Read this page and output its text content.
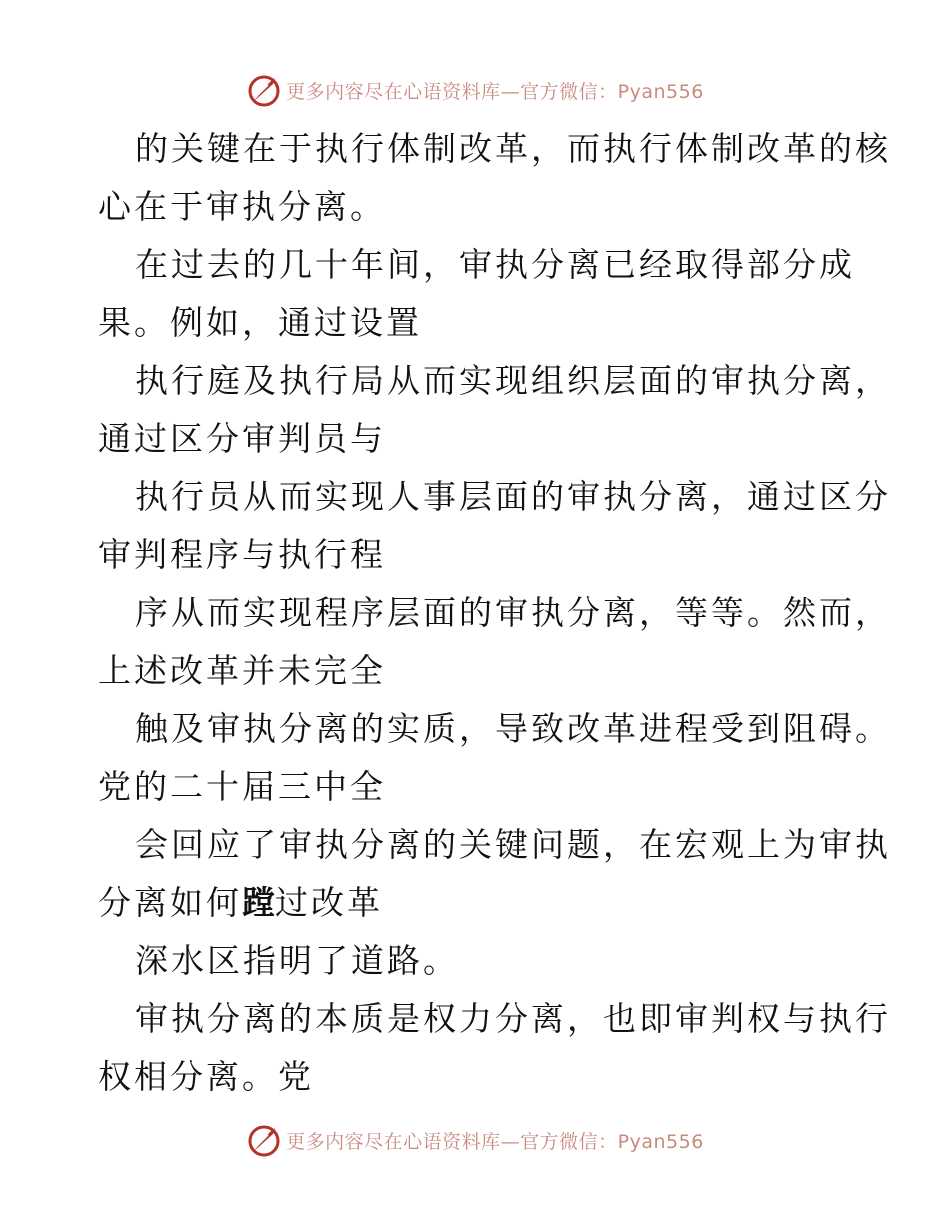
更多内容尽在心语资料库—官方微信：Pyan556
的关键在于执行体制改革，而执行体制改革的核
心在于审执分离。
在过去的几十年间，审执分离已经取得部分成
果。例如，通过设置
执行庭及执行局从而实现组织层面的审执分离，
通过区分审判员与
执行员从而实现人事层面的审执分离，通过区分
审判程序与执行程
序从而实现程序层面的审执分离，等等。然而，
上述改革并未完全
触及审执分离的实质，导致改革进程受到阻碍。
党的二十届三中全
会回应了审执分离的关键问题，在宏观上为审执
分离如何蹚过改革
深水区指明了道路。
审执分离的本质是权力分离，也即审判权与执行
权相分离。党
更多内容尽在心语资料库—官方微信：Pyan556
